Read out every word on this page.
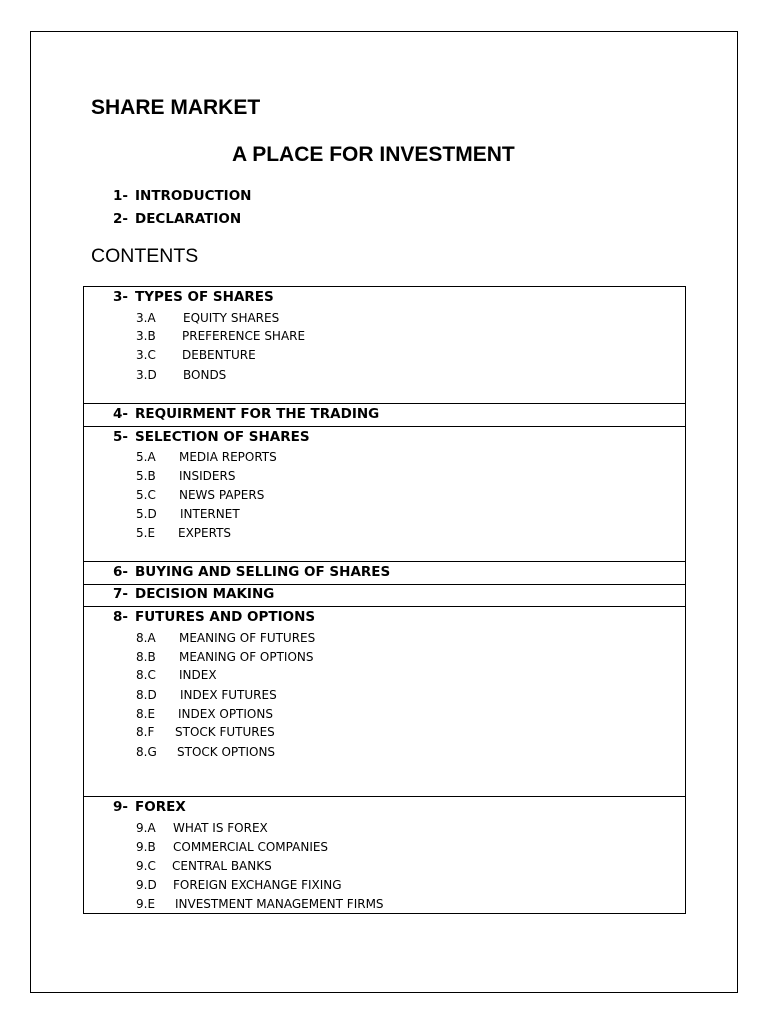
SHARE MARKET
A PLACE FOR INVESTMENT
1- INTRODUCTION
2- DECLARATION
CONTENTS
3- TYPES OF SHARES
3.A EQUITY SHARES
3.B PREFERENCE SHARE
3.C DEBENTURE
3.D BONDS
4- REQUIRMENT FOR THE TRADING
5- SELECTION OF SHARES
5.A MEDIA REPORTS
5.B INSIDERS
5.C NEWS PAPERS
5.D INTERNET
5.E EXPERTS
6- BUYING AND SELLING OF SHARES
7- DECISION MAKING
8- FUTURES AND OPTIONS
8.A MEANING OF FUTURES
8.B MEANING OF OPTIONS
8.C INDEX
8.D INDEX FUTURES
8.E INDEX OPTIONS
8.F STOCK FUTURES
8.G STOCK OPTIONS
9- FOREX
9.A WHAT IS FOREX
9.B COMMERCIAL COMPANIES
9.C CENTRAL BANKS
9.D FOREIGN EXCHANGE FIXING
9.E INVESTMENT MANAGEMENT FIRMS
